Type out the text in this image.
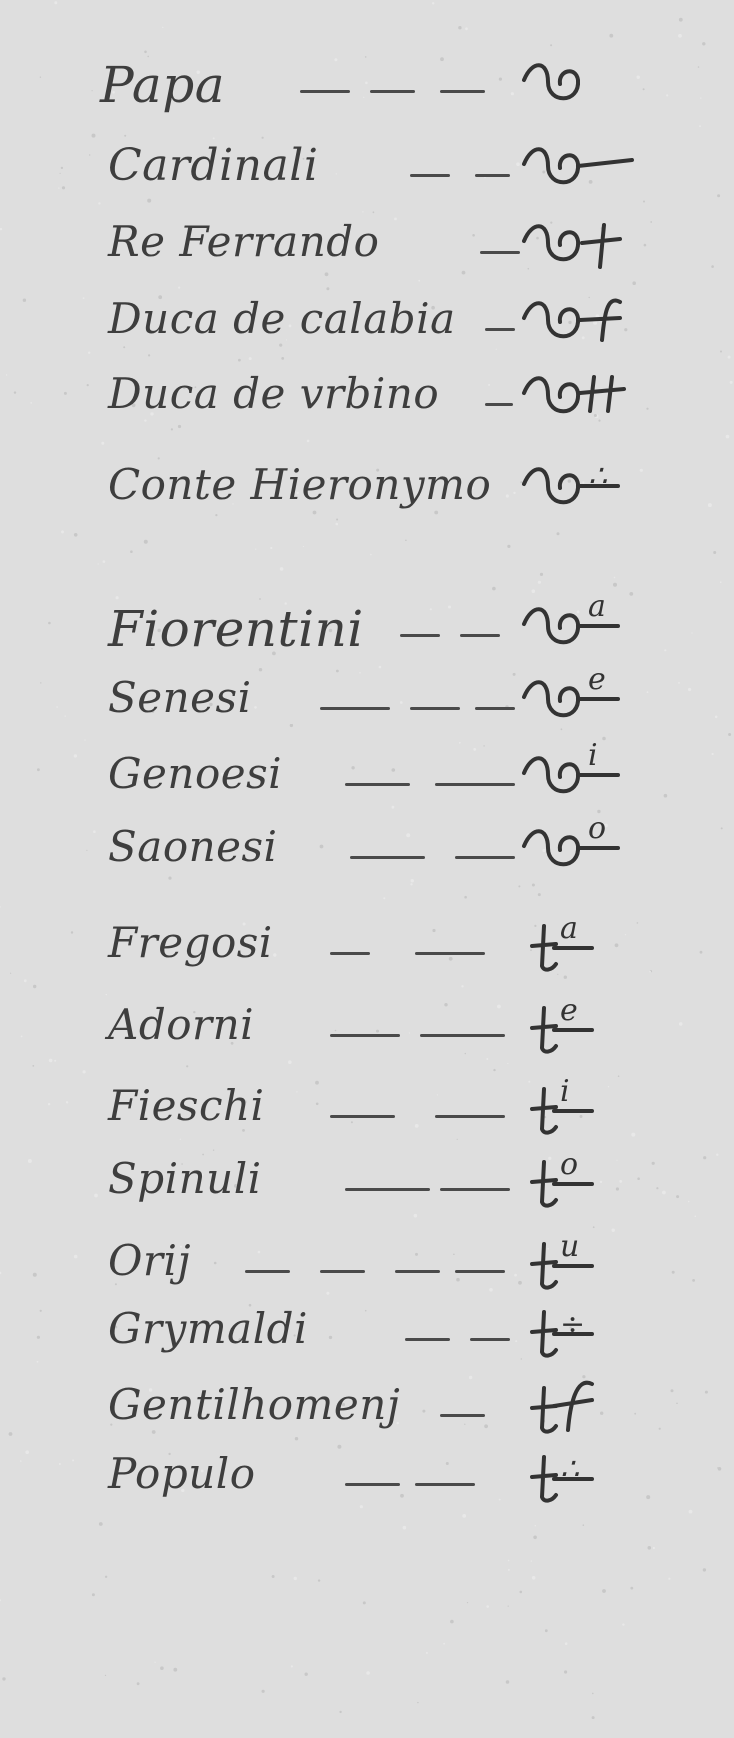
Papa
Cardinali
Re Ferrando
Duca de calabia
Duca de vrbino
Conte Hieronymo	∴
Fiorentini	a
Senesi	e
Genoesi	i
Saonesi	o
Fregosi	a
Adorni	e
Fieschi	i
Spinuli	o
Orij	u
Grymaldi	÷
Gentilhomenj
Populo	∴
